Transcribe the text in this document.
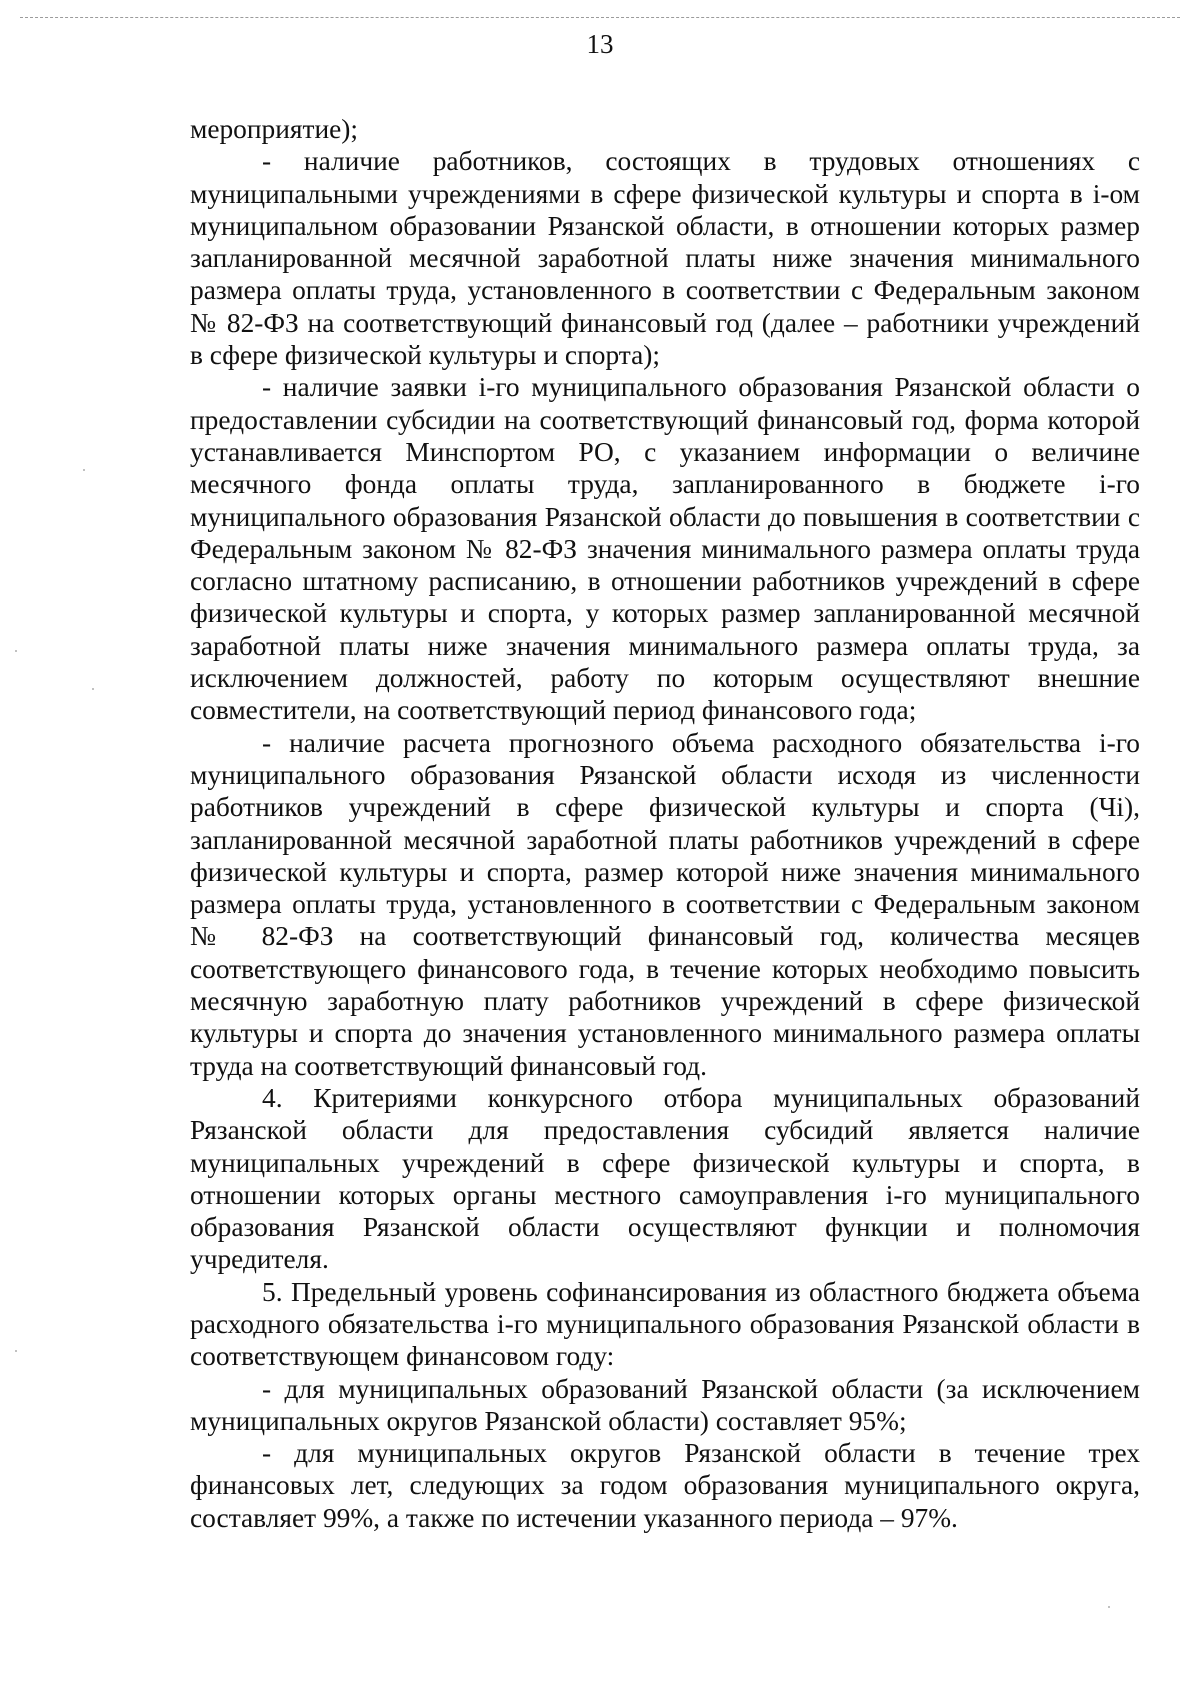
13

мероприятие);

- наличие работников, состоящих в трудовых отношениях с муниципальными учреждениями в сфере физической культуры и спорта в i-ом муниципальном образовании Рязанской области, в отношении которых размер запланированной месячной заработной платы ниже значения минимального размера оплаты труда, установленного в соответствии с Федеральным законом № 82-ФЗ на соответствующий финансовый год (далее – работники учреждений в сфере физической культуры и спорта);

- наличие заявки i-го муниципального образования Рязанской области о предоставлении субсидии на соответствующий финансовый год, форма которой устанавливается Минспортом РО, с указанием информации о величине месячного фонда оплаты труда, запланированного в бюджете i-го муниципального образования Рязанской области до повышения в соответствии с Федеральным законом № 82-ФЗ значения минимального размера оплаты труда согласно штатному расписанию, в отношении работников учреждений в сфере физической культуры и спорта, у которых размер запланированной месячной заработной платы ниже значения минимального размера оплаты труда, за исключением должностей, работу по которым осуществляют внешние совместители, на соответствующий период финансового года;

- наличие расчета прогнозного объема расходного обязательства i-го муниципального образования Рязанской области исходя из численности работников учреждений в сфере физической культуры и спорта (Чi), запланированной месячной заработной платы работников учреждений в сфере физической культуры и спорта, размер которой ниже значения минимального размера оплаты труда, установленного в соответствии с Федеральным законом № 82-ФЗ на соответствующий финансовый год, количества месяцев соответствующего финансового года, в течение которых необходимо повысить месячную заработную плату работников учреждений в сфере физической культуры и спорта до значения установленного минимального размера оплаты труда на соответствующий финансовый год.

4. Критериями конкурсного отбора муниципальных образований Рязанской области для предоставления субсидий является наличие муниципальных учреждений в сфере физической культуры и спорта, в отношении которых органы местного самоуправления i-го муниципального образования Рязанской области осуществляют функции и полномочия учредителя.

5. Предельный уровень софинансирования из областного бюджета объема расходного обязательства i-го муниципального образования Рязанской области в соответствующем финансовом году:

- для муниципальных образований Рязанской области (за исключением муниципальных округов Рязанской области) составляет 95%;

- для муниципальных округов Рязанской области в течение трех финансовых лет, следующих за годом образования муниципального округа, составляет 99%, а также по истечении указанного периода – 97%.
